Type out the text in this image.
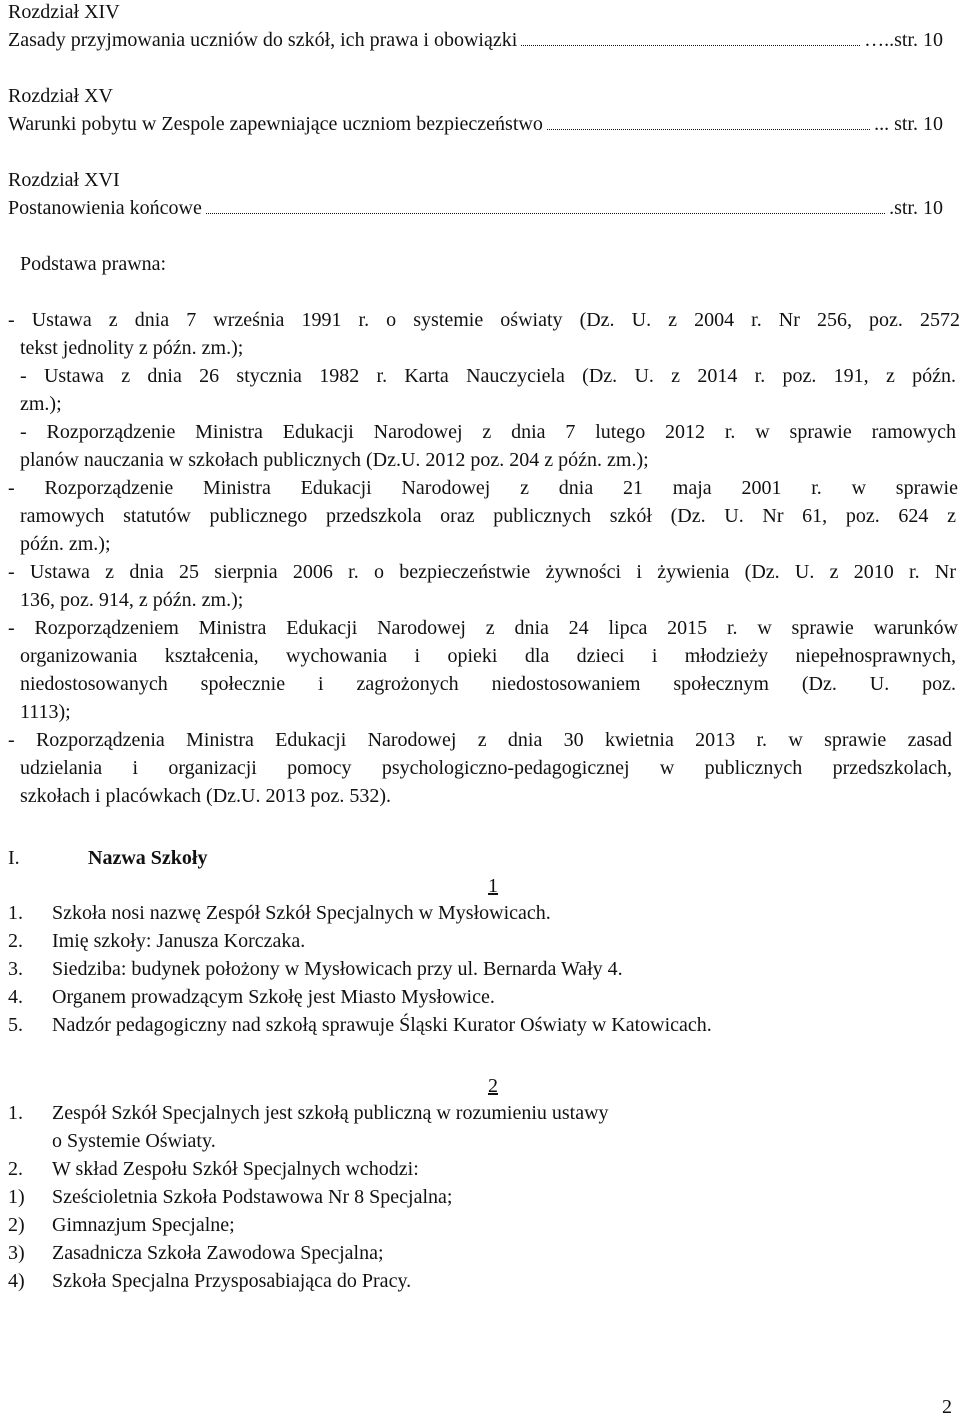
Rozdział XIV
Zasady przyjmowania uczniów do szkół, ich prawa i obowiązki	…..str. 10
Rozdział XV
Warunki pobytu w Zespole zapewniające uczniom bezpieczeństwo	... str. 10
Rozdział XVI
Postanowienia końcowe	.str. 10
Podstawa prawna:
- Ustawa z dnia 7 września 1991 r. o systemie oświaty (Dz. U. z 2004 r. Nr 256, poz. 2572
tekst jednolity z późn. zm.);
- Ustawa z dnia 26 stycznia 1982 r. Karta Nauczyciela (Dz. U. z 2014 r. poz. 191, z późn.
zm.);
- Rozporządzenie Ministra Edukacji Narodowej z dnia 7 lutego 2012 r. w sprawie ramowych
planów nauczania w szkołach publicznych (Dz.U. 2012 poz. 204 z późn. zm.);
- Rozporządzenie Ministra Edukacji Narodowej z dnia 21 maja 2001 r. w sprawie
ramowych statutów publicznego przedszkola oraz publicznych szkół (Dz. U. Nr 61, poz. 624 z
późn. zm.);
- Ustawa z dnia 25 sierpnia 2006 r. o bezpieczeństwie żywności i żywienia (Dz. U. z 2010 r. Nr
136, poz. 914, z późn. zm.);
- Rozporządzeniem Ministra Edukacji Narodowej z dnia 24 lipca 2015 r. w sprawie warunków
organizowania kształcenia, wychowania i opieki dla dzieci i młodzieży niepełnosprawnych,
niedostosowanych społecznie i zagrożonych niedostosowaniem społecznym (Dz. U. poz.
1113);
- Rozporządzenia Ministra Edukacji Narodowej z dnia 30 kwietnia 2013 r. w sprawie zasad
udzielania i organizacji pomocy psychologiczno-pedagogicznej w publicznych przedszkolach,
szkołach i placówkach (Dz.U. 2013 poz. 532).
I.	Nazwa Szkoły
1
1.	Szkoła nosi nazwę Zespół Szkół Specjalnych w Mysłowicach.
2.	Imię szkoły: Janusza Korczaka.
3.	Siedziba: budynek położony w Mysłowicach przy ul. Bernarda Wały 4.
4.	Organem prowadzącym Szkołę jest Miasto Mysłowice.
5.	Nadzór pedagogiczny nad szkołą sprawuje Śląski Kurator Oświaty w Katowicach.
2
1.	Zespół Szkół Specjalnych jest szkołą publiczną w rozumieniu ustawy
o Systemie Oświaty.
2.	W skład Zespołu Szkół Specjalnych wchodzi:
1)	Sześcioletnia Szkoła Podstawowa Nr 8 Specjalna;
2)	Gimnazjum Specjalne;
3)	Zasadnicza Szkoła Zawodowa Specjalna;
4)	Szkoła Specjalna Przysposabiająca do Pracy.
2
